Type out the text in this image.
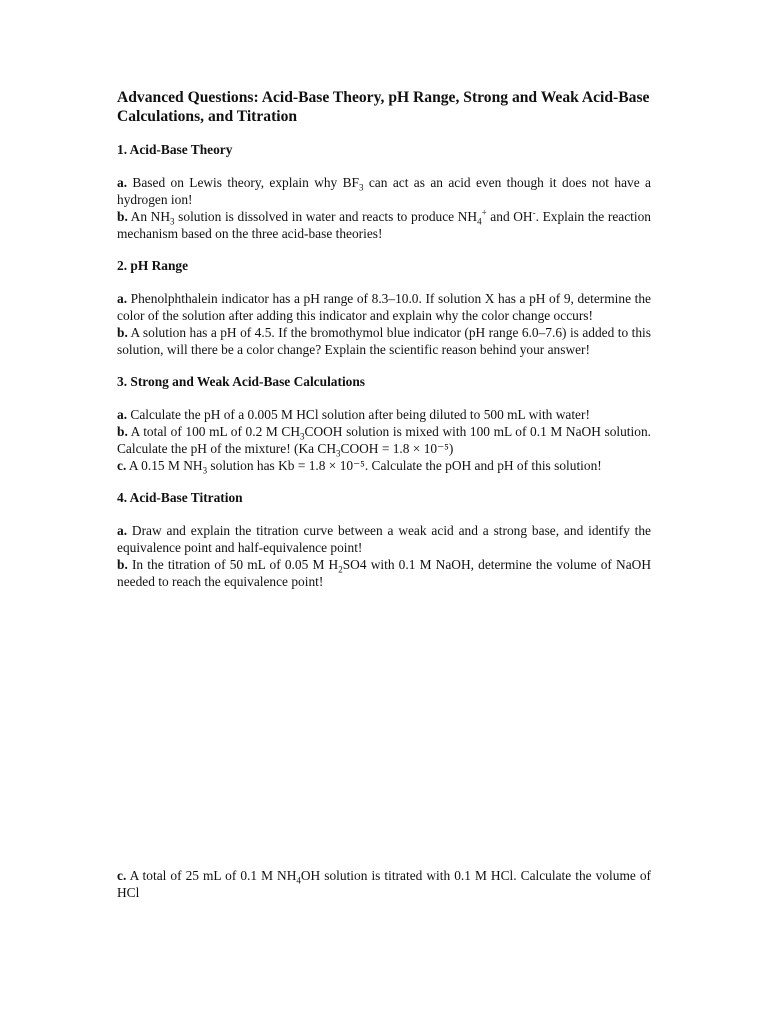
Advanced Questions: Acid-Base Theory, pH Range, Strong and Weak Acid-Base Calculations, and Titration

1. Acid-Base Theory

a. Based on Lewis theory, explain why $BF_3$ can act as an acid even though it does not have a hydrogen ion!

b. An $NH_3$ solution is dissolved in water and reacts to produce $NH_4^+$ and OH-. Explain the reaction mechanism based on the three acid-base theories!

2. pH Range

a. Phenolphthalein indicator has a pH range of 8.3–10.0. If solution X has a pH of 9, determine the color of the solution after adding this indicator and explain why the color change occurs!

b. A solution has a pH of 4.5. If the bromothymol blue indicator (pH range 6.0–7.6) is added to this solution, will there be a color change? Explain the scientific reason behind your answer!

3. Strong and Weak Acid-Base Calculations

a. Calculate the pH of a 0.005 M HCl solution after being diluted to 500 mL with water!

b. A total of 100 mL of 0.2 M $CH_3COOH$ solution is mixed with 100 mL of 0.1 M NaOH solution. Calculate the pH of the mixture! (Ka $CH_3COOH = 1.8 \times 10^{-5}$)

c. A 0.15 M $NH_3$ solution has Kb = 1.8 × 10⁻⁵. Calculate the pOH and pH of this solution!

4. Acid-Base Titration

a. Draw and explain the titration curve between a weak acid and a strong base, and identify the equivalence point and half-equivalence point!

b. In the titration of 50 mL of 0.05 M $H_2SO4$ with 0.1 M NaOH, determine the volume of NaOH needed to reach the equivalence point!

c. A total of 25 mL of 0.1 M $NH_4OH$ solution is titrated with 0.1 M HCl. Calculate the volume of HCl
